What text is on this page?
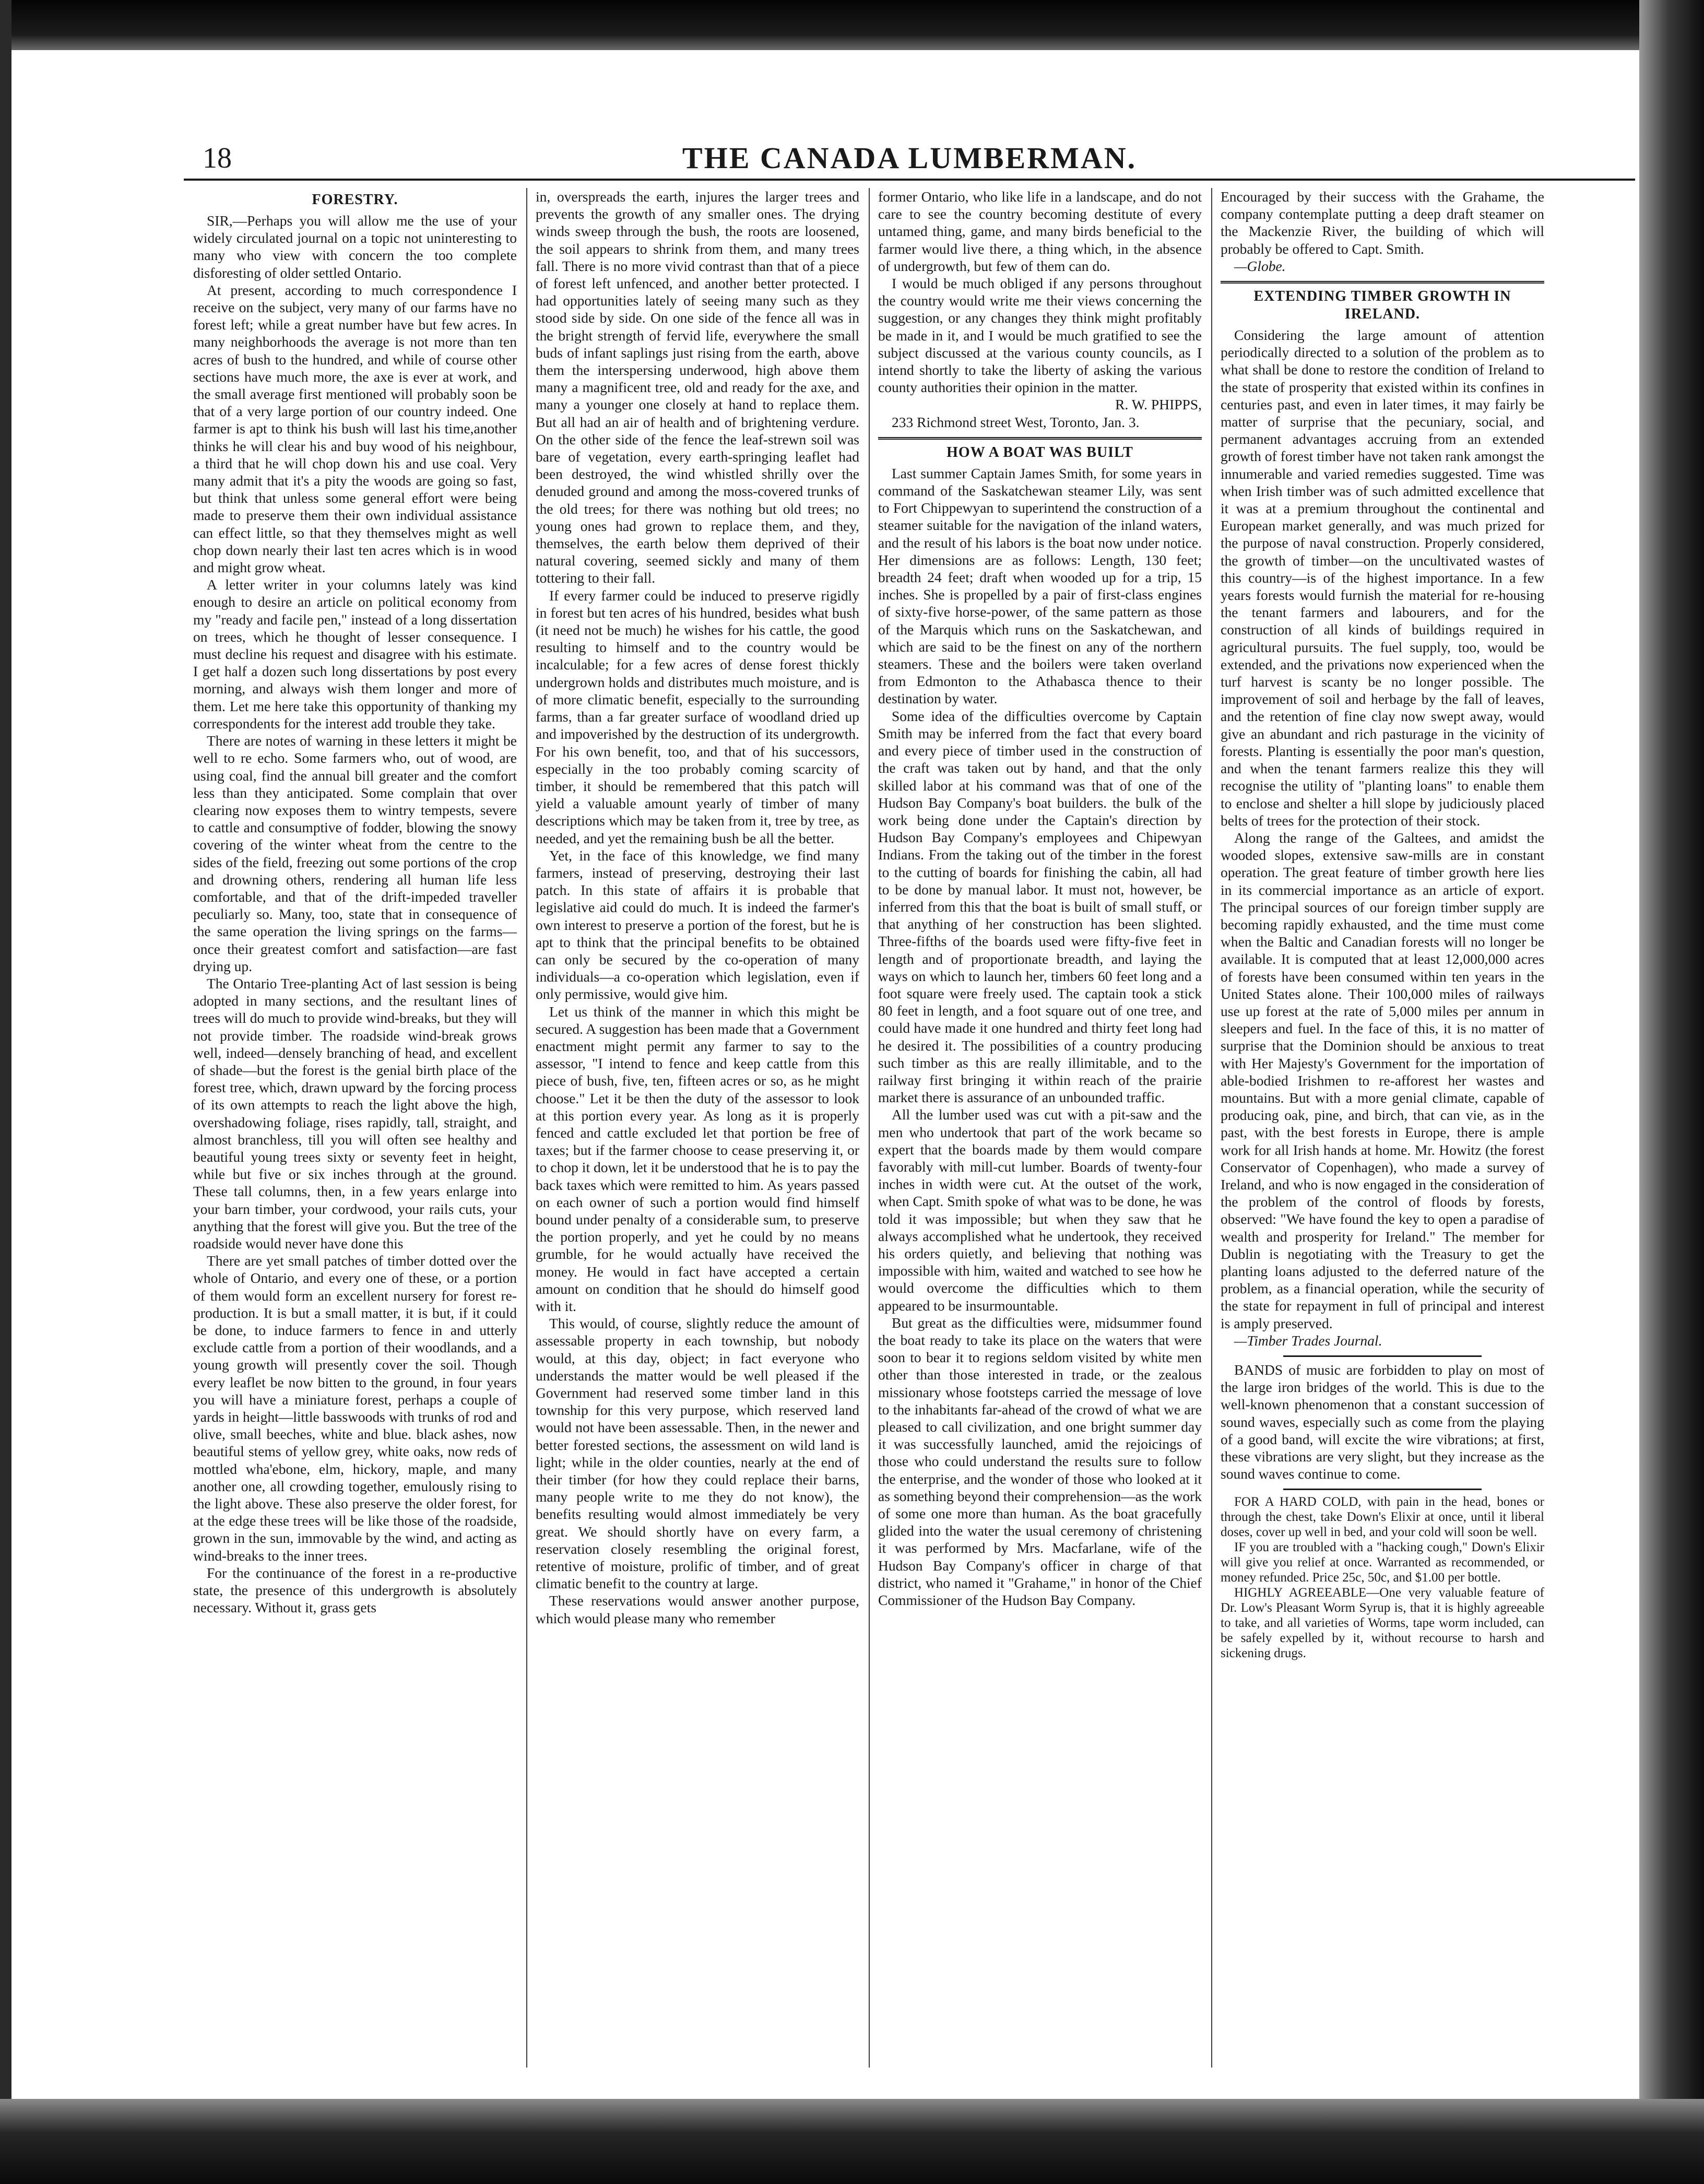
18	THE CANADA LUMBERMAN.
FORESTRY.

SIR,—Perhaps you will allow me the use of your widely circulated journal on a topic not uninteresting to many who view with concern the too complete disforesting of older settled Ontario.

At present, according to much correspondence I receive on the subject, very many of our farms have no forest left; while a great number have but few acres. In many neighborhoods the average is not more than ten acres of bush to the hundred, and while of course other sections have much more, the axe is ever at work, and the small average first mentioned will probably soon be that of a very large portion of our country indeed. One farmer is apt to think his bush will last his time,another thinks he will clear his and buy wood of his neighbour, a third that he will chop down his and use coal. Very many admit that it's a pity the woods are going so fast, but think that unless some general effort were being made to preserve them their own individual assistance can effect little, so that they themselves might as well chop down nearly their last ten acres which is in wood and might grow wheat.

A letter writer in your columns lately was kind enough to desire an article on political economy from my "ready and facile pen," instead of a long dissertation on trees, which he thought of lesser consequence. I must decline his request and disagree with his estimate. I get half a dozen such long dissertations by post every morning, and always wish them longer and more of them. Let me here take this opportunity of thanking my correspondents for the interest add trouble they take.

There are notes of warning in these letters it might be well to re echo. Some farmers who, out of wood, are using coal, find the annual bill greater and the comfort less than they anticipated. Some complain that over clearing now exposes them to wintry tempests, severe to cattle and consumptive of fodder, blowing the snowy covering of the winter wheat from the centre to the sides of the field, freezing out some portions of the crop and drowning others, rendering all human life less comfortable, and that of the drift-impeded traveller peculiarly so. Many, too, state that in consequence of the same operation the living springs on the farms—once their greatest comfort and satisfaction—are fast drying up.

The Ontario Tree-planting Act of last session is being adopted in many sections, and the resultant lines of trees will do much to provide wind-breaks, but they will not provide timber. The roadside wind-break grows well, indeed—densely branching of head, and excellent of shade—but the forest is the genial birth place of the forest tree, which, drawn upward by the forcing process of its own attempts to reach the light above the high, overshadowing foliage, rises rapidly, tall, straight, and almost branchless, till you will often see healthy and beautiful young trees sixty or seventy feet in height, while but five or six inches through at the ground. These tall columns, then, in a few years enlarge into your barn timber, your cordwood, your rails cuts, your anything that the forest will give you. But the tree of the roadside would never have done this

There are yet small patches of timber dotted over the whole of Ontario, and every one of these, or a portion of them would form an excellent nursery for forest re-production. It is but a small matter, it is but, if it could be done, to induce farmers to fence in and utterly exclude cattle from a portion of their woodlands, and a young growth will presently cover the soil. Though every leaflet be now bitten to the ground, in four years you will have a miniature forest, perhaps a couple of yards in height—little basswoods with trunks of rod and olive, small beeches, white and blue. black ashes, now beautiful stems of yellow grey, white oaks, now reds of mottled wha'ebone, elm, hickory, maple, and many another one, all crowding together, emulously rising to the light above. These also preserve the older forest, for at the edge these trees will be like those of the roadside, grown in the sun, immovable by the wind, and acting as wind-breaks to the inner trees.

For the continuance of the forest in a re-productive state, the presence of this undergrowth is absolutely necessary. Without it, grass gets

in, overspreads the earth, injures the larger trees and prevents the growth of any smaller ones. The drying winds sweep through the bush, the roots are loosened, the soil appears to shrink from them, and many trees fall. There is no more vivid contrast than that of a piece of forest left unfenced, and another better protected. I had opportunities lately of seeing many such as they stood side by side. On one side of the fence all was in the bright strength of fervid life, everywhere the small buds of infant saplings just rising from the earth, above them the interspersing underwood, high above them many a magnificent tree, old and ready for the axe, and many a younger one closely at hand to replace them. But all had an air of health and of brightening verdure. On the other side of the fence the leaf-strewn soil was bare of vegetation, every earth-springing leaflet had been destroyed, the wind whistled shrilly over the denuded ground and among the moss-covered trunks of the old trees; for there was nothing but old trees; no young ones had grown to replace them, and they, themselves, the earth below them deprived of their natural covering, seemed sickly and many of them tottering to their fall.

If every farmer could be induced to preserve rigidly in forest but ten acres of his hundred, besides what bush (it need not be much) he wishes for his cattle, the good resulting to himself and to the country would be incalculable; for a few acres of dense forest thickly undergrown holds and distributes much moisture, and is of more climatic benefit, especially to the surrounding farms, than a far greater surface of woodland dried up and impoverished by the destruction of its undergrowth. For his own benefit, too, and that of his successors, especially in the too probably coming scarcity of timber, it should be remembered that this patch will yield a valuable amount yearly of timber of many descriptions which may be taken from it, tree by tree, as needed, and yet the remaining bush be all the better.

Yet, in the face of this knowledge, we find many farmers, instead of preserving, destroying their last patch. In this state of affairs it is probable that legislative aid could do much. It is indeed the farmer's own interest to preserve a portion of the forest, but he is apt to think that the principal benefits to be obtained can only be secured by the co-operation of many individuals—a co-operation which legislation, even if only permissive, would give him.

Let us think of the manner in which this might be secured. A suggestion has been made that a Government enactment might permit any farmer to say to the assessor, "I intend to fence and keep cattle from this piece of bush, five, ten, fifteen acres or so, as he might choose." Let it be then the duty of the assessor to look at this portion every year. As long as it is properly fenced and cattle excluded let that portion be free of taxes; but if the farmer choose to cease preserving it, or to chop it down, let it be understood that he is to pay the back taxes which were remitted to him. As years passed on each owner of such a portion would find himself bound under penalty of a considerable sum, to preserve the portion properly, and yet he could by no means grumble, for he would actually have received the money. He would in fact have accepted a certain amount on condition that he should do himself good with it.

This would, of course, slightly reduce the amount of assessable property in each township, but nobody would, at this day, object; in fact everyone who understands the matter would be well pleased if the Government had reserved some timber land in this township for this very purpose, which reserved land would not have been assessable. Then, in the newer and better forested sections, the assessment on wild land is light; while in the older counties, nearly at the end of their timber (for how they could replace their barns, many people write to me they do not know), the benefits resulting would almost immediately be very great. We should shortly have on every farm, a reservation closely resembling the original forest, retentive of moisture, prolific of timber, and of great climatic benefit to the country at large.

These reservations would answer another purpose, which would please many who remember

former Ontario, who like life in a landscape, and do not care to see the country becoming destitute of every untamed thing, game, and many birds beneficial to the farmer would live there, a thing which, in the absence of undergrowth, but few of them can do.

I would be much obliged if any persons throughout the country would write me their views concerning the suggestion, or any changes they think might profitably be made in it, and I would be much gratified to see the subject discussed at the various county councils, as I intend shortly to take the liberty of asking the various county authorities their opinion in the matter.

R. W. PHIPPS,

233 Richmond street West, Toronto, Jan. 3.

HOW A BOAT WAS BUILT

Last summer Captain James Smith, for some years in command of the Saskatchewan steamer Lily, was sent to Fort Chippewyan to superintend the construction of a steamer suitable for the navigation of the inland waters, and the result of his labors is the boat now under notice. Her dimensions are as follows: Length, 130 feet; breadth 24 feet; draft when wooded up for a trip, 15 inches. She is propelled by a pair of first-class engines of sixty-five horse-power, of the same pattern as those of the Marquis which runs on the Saskatchewan, and which are said to be the finest on any of the northern steamers. These and the boilers were taken overland from Edmonton to the Athabasca thence to their destination by water.

Some idea of the difficulties overcome by Captain Smith may be inferred from the fact that every board and every piece of timber used in the construction of the craft was taken out by hand, and that the only skilled labor at his command was that of one of the Hudson Bay Company's boat builders. the bulk of the work being done under the Captain's direction by Hudson Bay Company's employees and Chipewyan Indians. From the taking out of the timber in the forest to the cutting of boards for finishing the cabin, all had to be done by manual labor. It must not, however, be inferred from this that the boat is built of small stuff, or that anything of her construction has been slighted. Three-fifths of the boards used were fifty-five feet in length and of proportionate breadth, and laying the ways on which to launch her, timbers 60 feet long and a foot square were freely used. The captain took a stick 80 feet in length, and a foot square out of one tree, and could have made it one hundred and thirty feet long had he desired it. The possibilities of a country producing such timber as this are really illimitable, and to the railway first bringing it within reach of the prairie market there is assurance of an unbounded traffic.

All the lumber used was cut with a pit-saw and the men who undertook that part of the work became so expert that the boards made by them would compare favorably with mill-cut lumber. Boards of twenty-four inches in width were cut. At the outset of the work, when Capt. Smith spoke of what was to be done, he was told it was impossible; but when they saw that he always accomplished what he undertook, they received his orders quietly, and believing that nothing was impossible with him, waited and watched to see how he would overcome the difficulties which to them appeared to be insurmountable.

But great as the difficulties were, midsummer found the boat ready to take its place on the waters that were soon to bear it to regions seldom visited by white men other than those interested in trade, or the zealous missionary whose footsteps carried the message of love to the inhabitants far-ahead of the crowd of what we are pleased to call civilization, and one bright summer day it was successfully launched, amid the rejoicings of those who could understand the results sure to follow the enterprise, and the wonder of those who looked at it as something beyond their comprehension—as the work of some one more than human. As the boat gracefully glided into the water the usual ceremony of christening it was performed by Mrs. Macfarlane, wife of the Hudson Bay Company's officer in charge of that district, who named it "Grahame," in honor of the Chief Commissioner of the Hudson Bay Company.

Encouraged by their success with the Grahame, the company contemplate putting a deep draft steamer on the Mackenzie River, the building of which will probably be offered to Capt. Smith.

—Globe.

EXTENDING TIMBER GROWTH IN IRELAND.

Considering the large amount of attention periodically directed to a solution of the problem as to what shall be done to restore the condition of Ireland to the state of prosperity that existed within its confines in centuries past, and even in later times, it may fairly be matter of surprise that the pecuniary, social, and permanent advantages accruing from an extended growth of forest timber have not taken rank amongst the innumerable and varied remedies suggested. Time was when Irish timber was of such admitted excellence that it was at a premium throughout the continental and European market generally, and was much prized for the purpose of naval construction. Properly considered, the growth of timber—on the uncultivated wastes of this country—is of the highest importance. In a few years forests would furnish the material for re-housing the tenant farmers and labourers, and for the construction of all kinds of buildings required in agricultural pursuits. The fuel supply, too, would be extended, and the privations now experienced when the turf harvest is scanty be no longer possible. The improvement of soil and herbage by the fall of leaves, and the retention of fine clay now swept away, would give an abundant and rich pasturage in the vicinity of forests. Planting is essentially the poor man's question, and when the tenant farmers realize this they will recognise the utility of "planting loans" to enable them to enclose and shelter a hill slope by judiciously placed belts of trees for the protection of their stock.

Along the range of the Galtees, and amidst the wooded slopes, extensive saw-mills are in constant operation. The great feature of timber growth here lies in its commercial importance as an article of export. The principal sources of our foreign timber supply are becoming rapidly exhausted, and the time must come when the Baltic and Canadian forests will no longer be available. It is computed that at least 12,000,000 acres of forests have been consumed within ten years in the United States alone. Their 100,000 miles of railways use up forest at the rate of 5,000 miles per annum in sleepers and fuel. In the face of this, it is no matter of surprise that the Dominion should be anxious to treat with Her Majesty's Government for the importation of able-bodied Irishmen to re-afforest her wastes and mountains. But with a more genial climate, capable of producing oak, pine, and birch, that can vie, as in the past, with the best forests in Europe, there is ample work for all Irish hands at home. Mr. Howitz (the forest Conservator of Copenhagen), who made a survey of Ireland, and who is now engaged in the consideration of the problem of the control of floods by forests, observed: "We have found the key to open a paradise of wealth and prosperity for Ireland." The member for Dublin is negotiating with the Treasury to get the planting loans adjusted to the deferred nature of the problem, as a financial operation, while the security of the state for repayment in full of principal and interest is amply preserved.

—Timber Trades Journal.

BANDS of music are forbidden to play on most of the large iron bridges of the world. This is due to the well-known phenomenon that a constant succession of sound waves, especially such as come from the playing of a good band, will excite the wire vibrations; at first, these vibrations are very slight, but they increase as the sound waves continue to come.

FOR A HARD COLD, with pain in the head, bones or through the chest, take Down's Elixir at once, until it liberal doses, cover up well in bed, and your cold will soon be well.

IF you are troubled with a "hacking cough," Down's Elixir will give you relief at once. Warranted as recommended, or money refunded. Price 25c, 50c, and $1.00 per bottle.

HIGHLY AGREEABLE—One very valuable feature of Dr. Low's Pleasant Worm Syrup is, that it is highly agreeable to take, and all varieties of Worms, tape worm included, can be safely expelled by it, without recourse to harsh and sickening drugs.
